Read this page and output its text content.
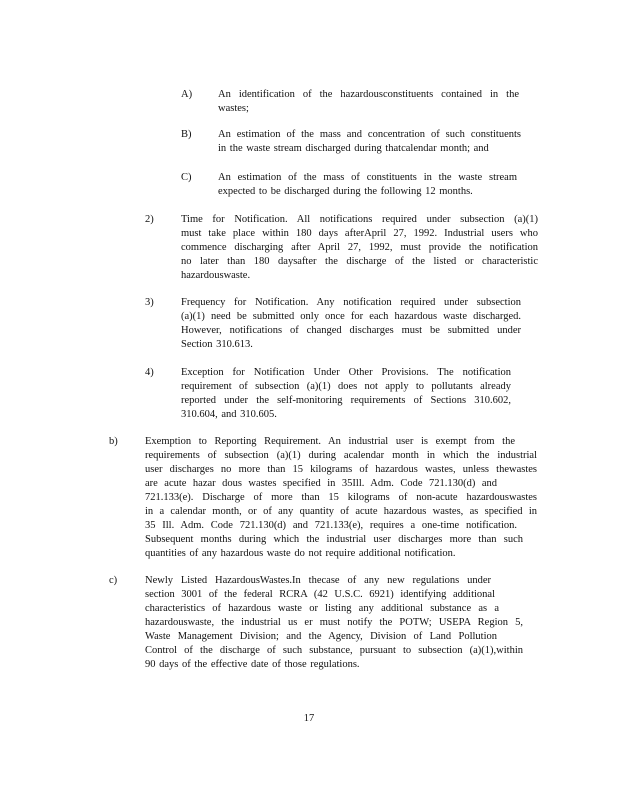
A) An identification of the hazardousconstituents contained in the
wastes;
B)	An estimation of the mass and concentration of such constituents
in the waste stream discharged during thatcalendar month; and
C)	An estimation of the mass of constituents in the waste stream
expected to be discharged during the following 12 months.
2)	Time for Notification. All notifications required under subsection (a)(1)
must take place within 180 days afterApril 27, 1992. Industrial users who
commence discharging after April 27, 1992, must provide the notification
no later than 180 daysafter the discharge of the listed or characteristic
hazardouswaste.
3)	Frequency for Notification. Any notification required under subsection
(a)(1) need be submitted only once for each hazardous waste discharged.
However, notifications of changed discharges must be submitted under
Section 310.613.
4)	Exception for Notification Under Other Provisions. The notification
requirement of subsection (a)(1) does not apply to pollutants already
reported under the self-monitoring requirements of Sections 310.602,
310.604, and 310.605.
b)	Exemption to Reporting Requirement. An industrial user is exempt from the
requirements of subsection (a)(1) during acalendar month in which the industrial
user discharges no more than 15 kilograms of hazardous wastes, unless thewastes
are acute hazar dous wastes specified in 35Ill. Adm. Code 721.130(d) and
721.133(e). Discharge of more than 15 kilograms of non-acute hazardouswastes
in a calendar month, or of any quantity of acute hazardous wastes, as specified in
35 Ill. Adm. Code 721.130(d) and 721.133(e), requires a one-time notification.
Subsequent months during which the industrial user discharges more than such
quantities of any hazardous waste do not require additional notification.
c)	Newly Listed HazardousWastes.In thecase of any new regulations under
section 3001 of the federal RCRA (42 U.S.C. 6921) identifying additional
characteristics of hazardous waste or listing any additional substance as a
hazardouswaste, the industrial us er must notify the POTW; USEPA Region 5,
Waste Management Division; and the Agency, Division of Land Pollution
Control of the discharge of such substance, pursuant to subsection (a)(1),within
90 days of the effective date of those regulations.
17
